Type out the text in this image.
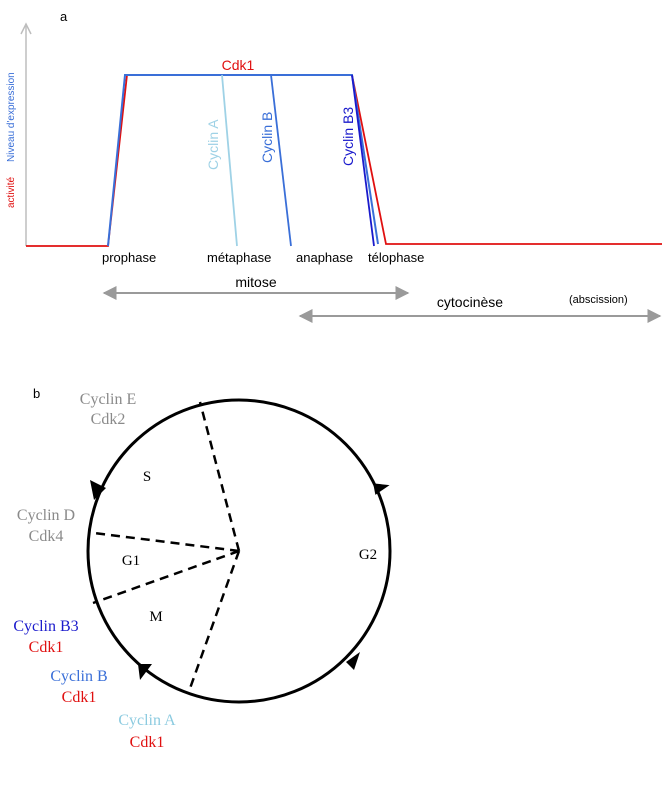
a
activité
Niveau d'expression
Cdk1
Cyclin A	Cyclin B	Cyclin B3
prophase	métaphase anaphase télophase
mitose
cytocinèse	(abscission)
b
S
G1
M
G2
Cyclin E
Cdk2
Cyclin D
Cdk4
Cyclin B3
Cdk1
Cyclin B
Cdk1
Cyclin A
Cdk1
